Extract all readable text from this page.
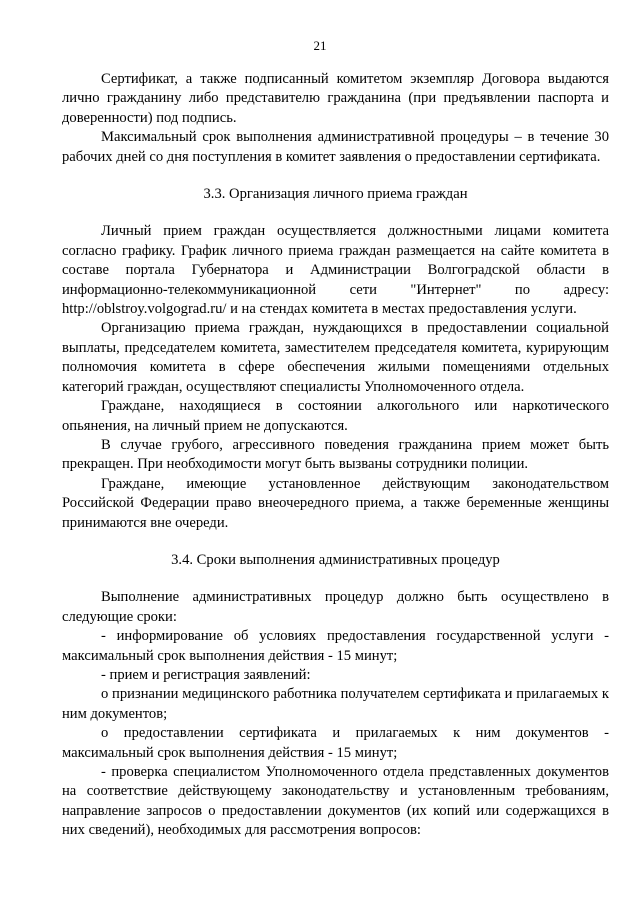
21

Сертификат, а также подписанный комитетом экземпляр Договора выдаются лично гражданину либо представителю гражданина (при предъявлении паспорта и доверенности) под подпись.

Максимальный срок выполнения административной процедуры – в течение 30 рабочих дней со дня поступления в комитет заявления о предоставлении сертификата.

3.3. Организация личного приема граждан

Личный прием граждан осуществляется должностными лицами комитета согласно графику. График личного приема граждан размещается на сайте комитета в составе портала Губернатора и Администрации Волгоградской области в информационно-телекоммуникационной сети "Интернет" по адресу: http://oblstroy.volgograd.ru/ и на стендах комитета в местах предоставления услуги.

Организацию приема граждан, нуждающихся в предоставлении социальной выплаты, председателем комитета, заместителем председателя комитета, курирующим полномочия комитета в сфере обеспечения жилыми помещениями отдельных категорий граждан, осуществляют специалисты Уполномоченного отдела.

Граждане, находящиеся в состоянии алкогольного или наркотического опьянения, на личный прием не допускаются.

В случае грубого, агрессивного поведения гражданина прием может быть прекращен. При необходимости могут быть вызваны сотрудники полиции.

Граждане, имеющие установленное действующим законодательством Российской Федерации право внеочередного приема, а также беременные женщины принимаются вне очереди.

3.4. Сроки выполнения административных процедур

Выполнение административных процедур должно быть осуществлено в следующие сроки:

- информирование об условиях предоставления государственной услуги - максимальный срок выполнения действия - 15 минут;

- прием и регистрация заявлений:

о признании медицинского работника получателем сертификата и прилагаемых к ним документов;

о предоставлении сертификата и прилагаемых к ним документов - максимальный срок выполнения действия - 15 минут;

- проверка специалистом Уполномоченного отдела представленных документов на соответствие действующему законодательству и установленным требованиям, направление запросов о предоставлении документов (их копий или содержащихся в них сведений), необходимых для рассмотрения вопросов:
